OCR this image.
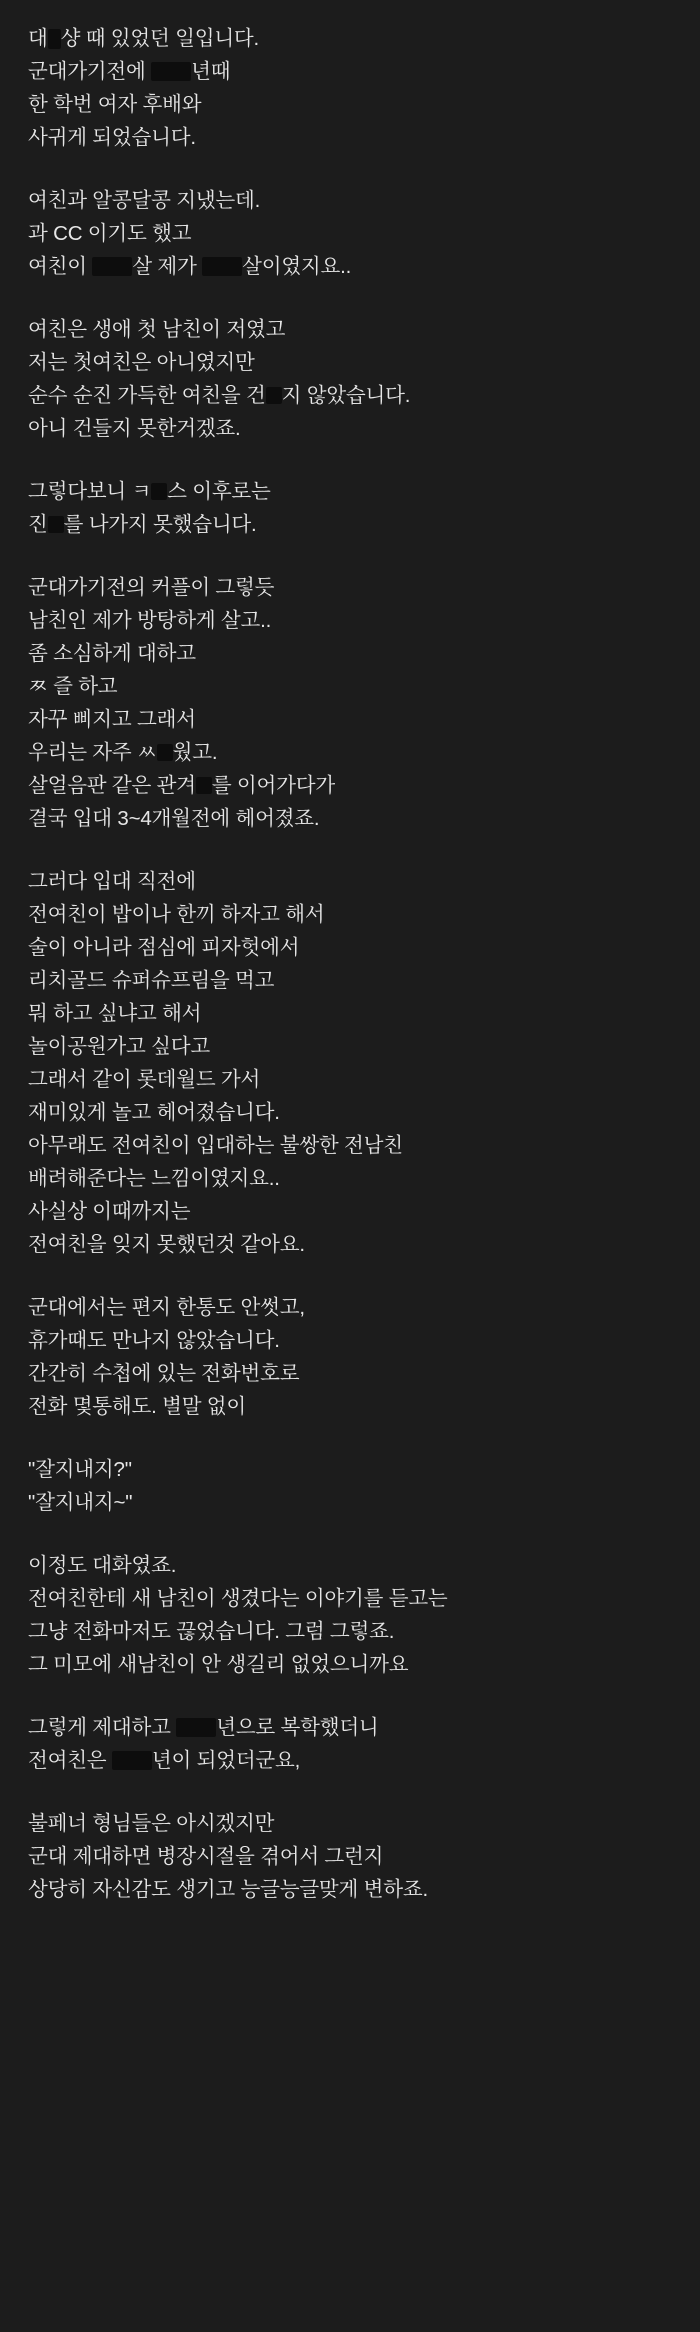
대 샹 때 있었던 일입니다.
군대가기전에 년때
한 학번 여자 후배와
사귀게 되었습니다.
여친과 알콩달콩 지냈는데.
과 CC 이기도 했고
여친이 살 제가 살이였지요..
여친은 생애 첫 남친이 저였고
저는 첫여친은 아니였지만
순수 순진 가득한 여친을 건 지 않았습니다.
아니 건들지 못한거겠죠.
그렇다보니 ㅋ 스 이후로는
진 를 나가지 못했습니다.
군대가기전의 커플이 그렇듯
남친인 제가 방탕하게 살고..
좀 소심하게 대하고
ㅉ 즐 하고
자꾸 삐지고 그래서
우리는 자주 ㅆ 웠고.
살얼음판 같은 관겨 를 이어가다가
결국 입대 3~4개월전에 헤어졌죠.
그러다 입대 직전에
전여친이 밥이나 한끼 하자고 해서
술이 아니라 점심에 피자헛에서
리치골드 슈퍼슈프림을 먹고
뭐 하고 싶냐고 해서
놀이공원가고 싶다고
그래서 같이 롯데월드 가서
재미있게 놀고 헤어졌습니다.
아무래도 전여친이 입대하는 불쌍한 전남친
배려해준다는 느낌이였지요..
사실상 이때까지는
전여친을 잊지 못했던것 같아요.
군대에서는 편지 한통도 안썻고,
휴가때도 만나지 않았습니다.
간간히 수첩에 있는 전화번호로
전화 몇통해도. 별말 없이
"잘지내지?"
"잘지내지~"
이정도 대화였죠.
전여친한테 새 남친이 생겼다는 이야기를 듣고는
그냥 전화마저도 끊었습니다. 그럼 그렇죠.
그 미모에 새남친이 안 생길리 없었으니까요
그렇게 제대하고 년으로 복학했더니
전여친은 년이 되었더군요,
불페너 형님들은 아시겠지만
군대 제대하면 병장시절을 겪어서 그런지
상당히 자신감도 생기고 능글능글맞게 변하죠.
